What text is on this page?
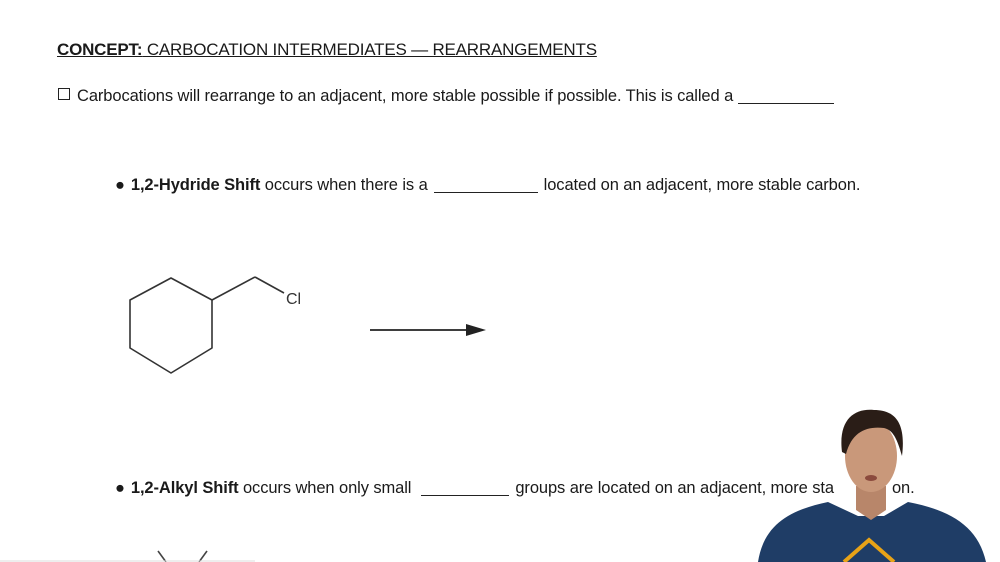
CONCEPT: CARBOCATION INTERMEDIATES — REARRANGEMENTS
Carbocations will rearrange to an adjacent, more stable possible if possible. This is called a
● 1,2-Hydride Shift occurs when there is a	located on an adjacent, more stable carbon.
Cl
● 1,2-Alkyl Shift occurs when only small	groups are located on an adjacent, more sta	on.
